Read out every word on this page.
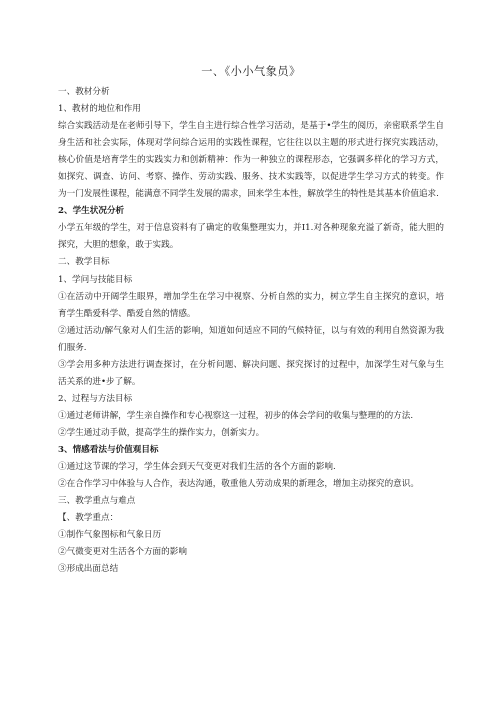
一、《小小气象员》
一、教材分析
1、教材的地位和作用
综合实践活动是在老师引导下，学生自主进行综合性学习活动，是基于•学生的阅历，亲密联系学生自身生活和社会实际，体现对学问综合运用的实践性课程，它往往以以主题的形式进行探究实践活动，核心价值是培育学生的实践实力和创新精神：作为一种独立的课程形态，它强调多样化的学习方式，如探究、调查、访问、考察、操作、劳动实践、服务、技术实践等，以促进学生学习方式的转变。作为一门发展性课程，能满意不同学生发展的需求，回来学生本性，解放学生的特性是其基本价值追求.
2、学生状况分析
小学五年级的学生，对于信息资料有了确定的收集整理实力，并I1.对各种现象充溢了新奇，能大胆的探究，大胆的想象，敢于实践。
二、教学目标
1、学问与技能目标
①在活动中开阔学生眼界，增加学生在学习中视察、分析自然的实力，树立学生自主探究的意识，培育学生酷爱科学、酷爱自然的情感。
②通过活动/解气象对人们生活的影响，知道如何适应不同的气候特征，以与有效的利用自然资源为我们服务.
③学会用多种方法进行调查探讨，在分析问题、解决问题、探究探讨的过程中，加深学生对气象与生活关系的进•步了解。
2、过程与方法目标
①通过老师讲解，学生亲自操作和专心视察这一过程，初步的体会学问的收集与整理的的方法.
②学生通过动手做，提高学生的操作实力，创新实力。
3、情感看法与价值观目标
①通过这节课的学习，学生体会到天气变更对我们生活的各个方面的影响.
②在合作学习中体验与人合作，表达沟通，敬重他人劳动成果的新理念，增加主动探究的意识。
三、教学重点与难点
【、教学重点：
①制作气象图标和气象日历
②气微变更对生活各个方面的影响
③形成出面总结
